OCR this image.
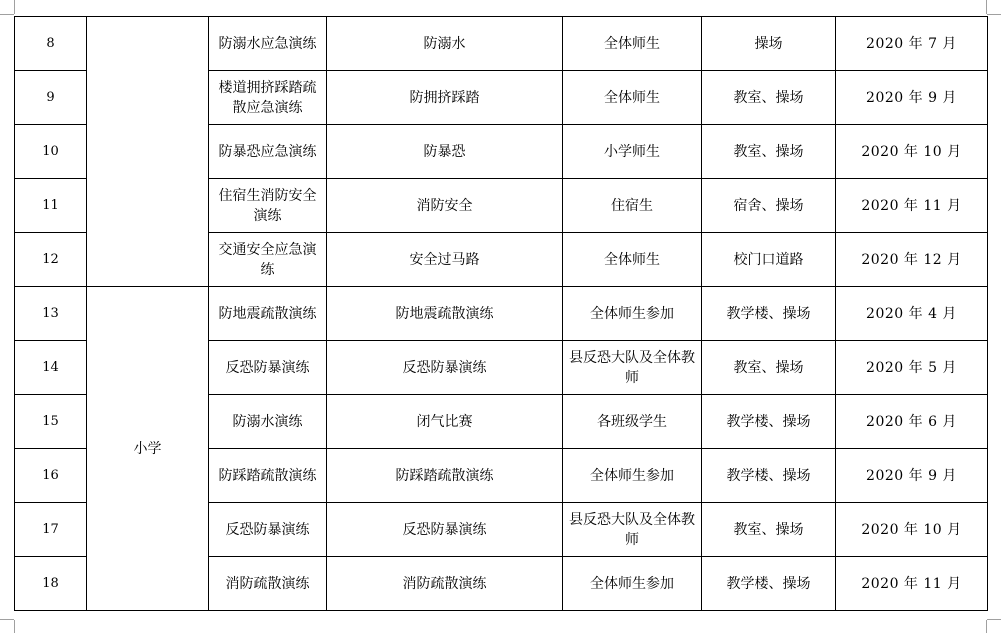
8		防溺水应急演练	防溺水	全体师生	操场	2020 年 7 月
9		楼道拥挤踩踏疏散应急演练	防拥挤踩踏	全体师生	教室、操场	2020 年 9 月
10		防暴恐应急演练	防暴恐	小学师生	教室、操场	2020 年 10 月
11		住宿生消防安全演练	消防安全	住宿生	宿舍、操场	2020 年 11 月
12		交通安全应急演练	安全过马路	全体师生	校门口道路	2020 年 12 月
13	小学	防地震疏散演练	防地震疏散演练	全体师生参加	教学楼、操场	2020 年 4 月
14		反恐防暴演练	反恐防暴演练	县反恐大队及全体教师	教室、操场	2020 年 5 月
15		防溺水演练	闭气比赛	各班级学生	教学楼、操场	2020 年 6 月
16		防踩踏疏散演练	防踩踏疏散演练	全体师生参加	教学楼、操场	2020 年 9 月
17		反恐防暴演练	反恐防暴演练	县反恐大队及全体教师	教室、操场	2020 年 10 月
18		消防疏散演练	消防疏散演练	全体师生参加	教学楼、操场	2020 年 11 月
